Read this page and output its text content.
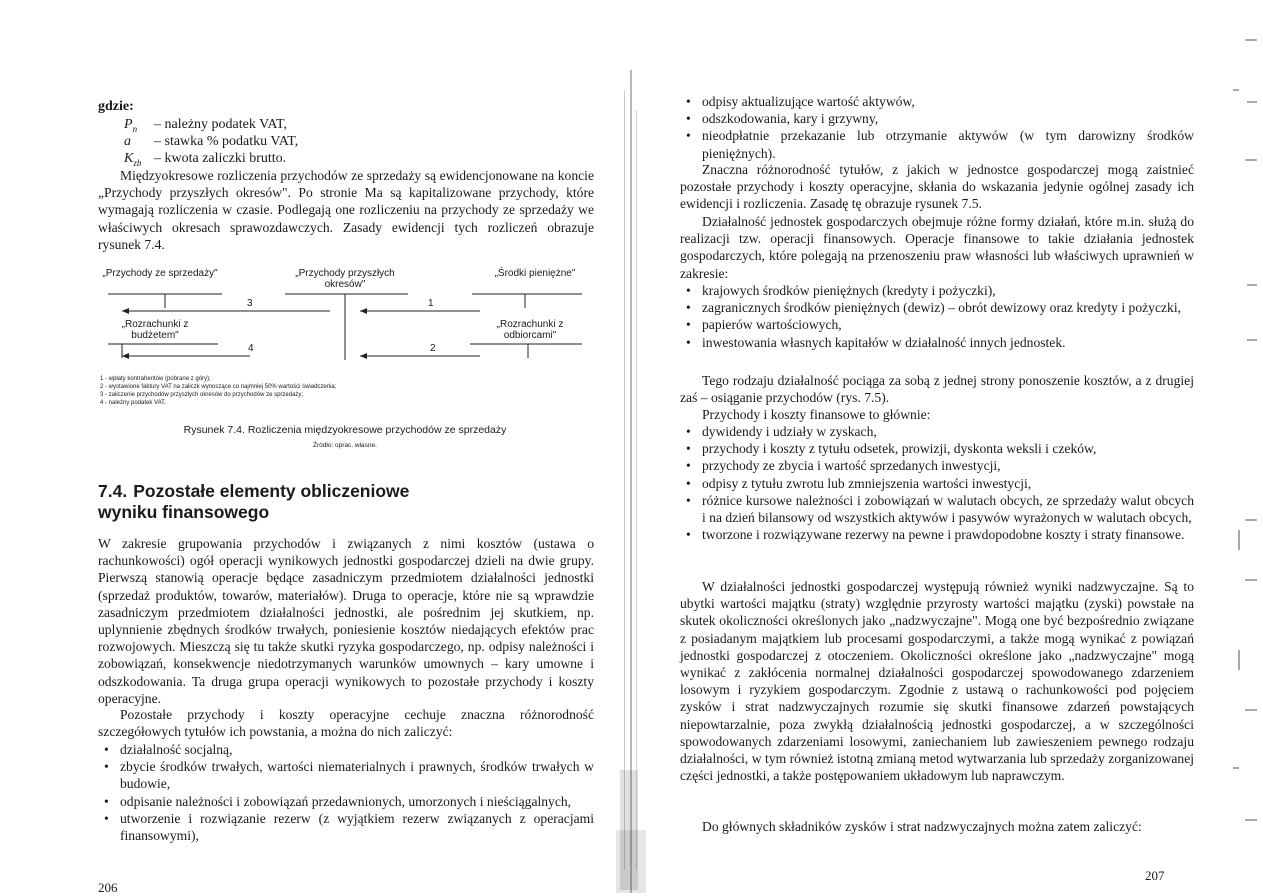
gdzie:
$P_n$ – należny podatek VAT,
a – stawka % podatku VAT,
$K_{zb}$ – kwota zaliczki brutto.

Międzyokresowe rozliczenia przychodów ze sprzedaży są ewidencjonowane na koncie „Przychody przyszłych okresów". Po stronie Ma są kapitalizowane przychody, które wymagają rozliczenia w czasie. Podlegają one rozliczeniu na przychody ze sprzedaży we właściwych okresach sprawozdawczych. Zasady ewidencji tych rozliczeń obrazuje rysunek 7.4.

„Przychody ze sprzedaży"	„Przychody przyszłych okresów"
„Środki pieniężne"
„Rozrachunki z budżetem"
„Rozrachunki z odbiorcami"
3	1
4	2
1 - wpłaty kontrahentów (pobrane z góry);
2 - wystawione faktury VAT na zaliczk wynoszące co najmniej 50% wartości świadczenia;
3 - zaliczenie przychodów przyszłych okresów do przychodów ze sprzedaży;
4 - należny podatek VAT.
Rysunek 7.4. Rozliczenia międzyokresowe przychodów ze sprzedaży
Źródło: oprac. własne.
7.4. Pozostałe elementy obliczeniowe
wyniku finansowego

W zakresie grupowania przychodów i związanych z nimi kosztów (ustawa o rachunkowości) ogół operacji wynikowych jednostki gospodarczej dzieli na dwie grupy. Pierwszą stanowią operacje będące zasadniczym przedmiotem działalności jednostki (sprzedaż produktów, towarów, materiałów). Druga to operacje, które nie są wprawdzie zasadniczym przedmiotem działalności jednostki, ale pośrednim jej skutkiem, np. uplynnienie zbędnych środków trwałych, poniesienie kosztów niedających efektów prac rozwojowych. Mieszczą się tu także skutki ryzyka gospodarczego, np. odpisy należności i zobowiązań, konsekwencje niedotrzymanych warunków umownych – kary umowne i odszkodowania. Ta druga grupa operacji wynikowych to pozostałe przychody i koszty operacyjne.

Pozostałe przychody i koszty operacyjne cechuje znaczna różnorodność szczegółowych tytułów ich powstania, a można do nich zaliczyć:

• działalność socjalną,
• zbycie środków trwałych, wartości niematerialnych i prawnych, środków trwałych w budowie,
• odpisanie należności i zobowiązań przedawnionych, umorzonych i nieściągalnych,
• utworzenie i rozwiązanie rezerw (z wyjątkiem rezerw związanych z operacjami finansowymi),
206
• odpisy aktualizujące wartość aktywów,
• odszkodowania, kary i grzywny,
• nieodpłatnie przekazanie lub otrzymanie aktywów (w tym darowizny środków pieniężnych).

Znaczna różnorodność tytułów, z jakich w jednostce gospodarczej mogą zaistnieć pozostałe przychody i koszty operacyjne, skłania do wskazania jedynie ogólnej zasady ich ewidencji i rozliczenia. Zasadę tę obrazuje rysunek 7.5.

Działalność jednostek gospodarczych obejmuje różne formy działań, które m.in. służą do realizacji tzw. operacji finansowych. Operacje finansowe to takie działania jednostek gospodarczych, które polegają na przenoszeniu praw własności lub właściwych uprawnień w zakresie:

• krajowych środków pieniężnych (kredyty i pożyczki),
• zagranicznych środków pieniężnych (dewiz) – obrót dewizowy oraz kredyty i pożyczki,
• papierów wartościowych,
• inwestowania własnych kapitałów w działalność innych jednostek.

Tego rodzaju działalność pociąga za sobą z jednej strony ponoszenie kosztów, a z drugiej zaś – osiąganie przychodów (rys. 7.5).

Przychody i koszty finansowe to głównie:

• dywidendy i udziały w zyskach,
• przychody i koszty z tytułu odsetek, prowizji, dyskonta weksli i czeków,
• przychody ze zbycia i wartość sprzedanych inwestycji,
• odpisy z tytułu zwrotu lub zmniejszenia wartości inwestycji,
• różnice kursowe należności i zobowiązań w walutach obcych, ze sprzedaży walut obcych i na dzień bilansowy od wszystkich aktywów i pasywów wyrażonych w walutach obcych,
• tworzone i rozwiązywane rezerwy na pewne i prawdopodobne koszty i straty finansowe.

W działalności jednostki gospodarczej występują również wyniki nadzwyczajne. Są to ubytki wartości majątku (straty) względnie przyrosty wartości majątku (zyski) powstałe na skutek okoliczności określonych jako „nadzwyczajne". Mogą one być bezpośrednio związane z posiadanym majątkiem lub procesami gospodarczymi, a także mogą wynikać z powiązań jednostki gospodarczej z otoczeniem. Okoliczności określone jako „nadzwyczajne" mogą wynikać z zakłócenia normalnej działalności gospodarczej spowodowanego zdarzeniem losowym i ryzykiem gospodarczym. Zgodnie z ustawą o rachunkowości pod pojęciem zysków i strat nadzwyczajnych rozumie się skutki finansowe zdarzeń powstających niepowtarzalnie, poza zwykłą działalnością jednostki gospodarczej, a w szczególności spowodowanych zdarzeniami losowymi, zaniechaniem lub zawieszeniem pewnego rodzaju działalności, w tym również istotną zmianą metod wytwarzania lub sprzedaży zorganizowanej części jednostki, a także postępowaniem układowym lub naprawczym.

Do głównych składników zysków i strat nadzwyczajnych można zatem zaliczyć:

207
